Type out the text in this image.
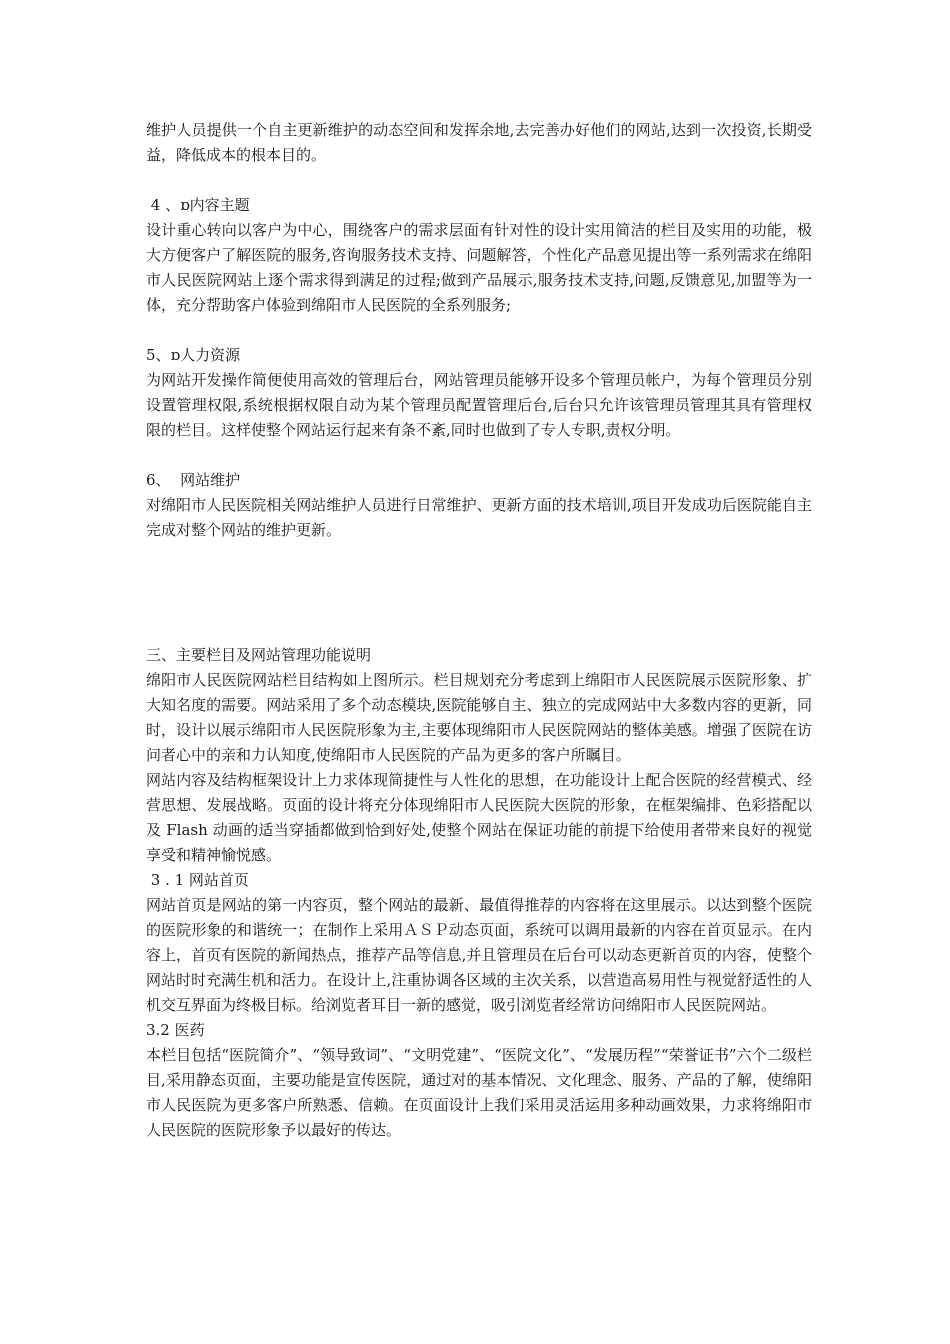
维护人员提供一个自主更新维护的动态空间和发挥余地,去完善办好他们的网站,达到一次投资,长期受益，降低成本的根本目的。

4 、ɒ内容主题

设计重心转向以客户为中心，围绕客户的需求层面有针对性的设计实用简洁的栏目及实用的功能，极大方便客户了解医院的服务,咨询服务技术支持、问题解答，个性化产品意见提出等一系列需求在绵阳市人民医院网站上逐个需求得到满足的过程;做到产品展示,服务技术支持,问题,反馈意见,加盟等为一体，充分帮助客户体验到绵阳市人民医院的全系列服务;

5、ɒ人力资源

为网站开发操作简便使用高效的管理后台，网站管理员能够开设多个管理员帐户，为每个管理员分别设置管理权限,系统根据权限自动为某个管理员配置管理后台,后台只允许该管理员管理其具有管理权限的栏目。这样使整个网站运行起来有条不紊,同时也做到了专人专职,责权分明。

6、  网站维护

对绵阳市人民医院相关网站维护人员进行日常维护、更新方面的技术培训,项目开发成功后医院能自主完成对整个网站的维护更新。

三、主要栏目及网站管理功能说明

绵阳市人民医院网站栏目结构如上图所示。栏目规划充分考虑到上绵阳市人民医院展示医院形象、扩大知名度的需要。网站采用了多个动态模块,医院能够自主、独立的完成网站中大多数内容的更新，同时，设计以展示绵阳市人民医院形象为主,主要体现绵阳市人民医院网站的整体美感。增强了医院在访问者心中的亲和力认知度,使绵阳市人民医院的产品为更多的客户所瞩目。

网站内容及结构框架设计上力求体现简捷性与人性化的思想，在功能设计上配合医院的经营模式、经营思想、发展战略。页面的设计将充分体现绵阳市人民医院大医院的形象，在框架编排、色彩搭配以及 Flash 动画的适当穿插都做到恰到好处,使整个网站在保证功能的前提下给使用者带来良好的视觉享受和精神愉悦感。

3 . 1 网站首页

网站首页是网站的第一内容页，整个网站的最新、最值得推荐的内容将在这里展示。以达到整个医院的医院形象的和谐统一；在制作上采用ＡＳＰ动态页面，系统可以调用最新的内容在首页显示。在内容上，首页有医院的新闻热点，推荐产品等信息,并且管理员在后台可以动态更新首页的内容，使整个网站时时充满生机和活力。在设计上,注重协调各区域的主次关系，以营造高易用性与视觉舒适性的人机交互界面为终极目标。给浏览者耳目一新的感觉，吸引浏览者经常访问绵阳市人民医院网站。

3.2 医药

本栏目包括“医院简介”、“领导致词”、“文明党建”、“医院文化”、“发展历程”“荣誉证书”六个二级栏目,采用静态页面，主要功能是宣传医院，通过对的基本情况、文化理念、服务、产品的了解，使绵阳市人民医院为更多客户所熟悉、信赖。在页面设计上我们采用灵活运用多种动画效果，力求将绵阳市人民医院的医院形象予以最好的传达。
